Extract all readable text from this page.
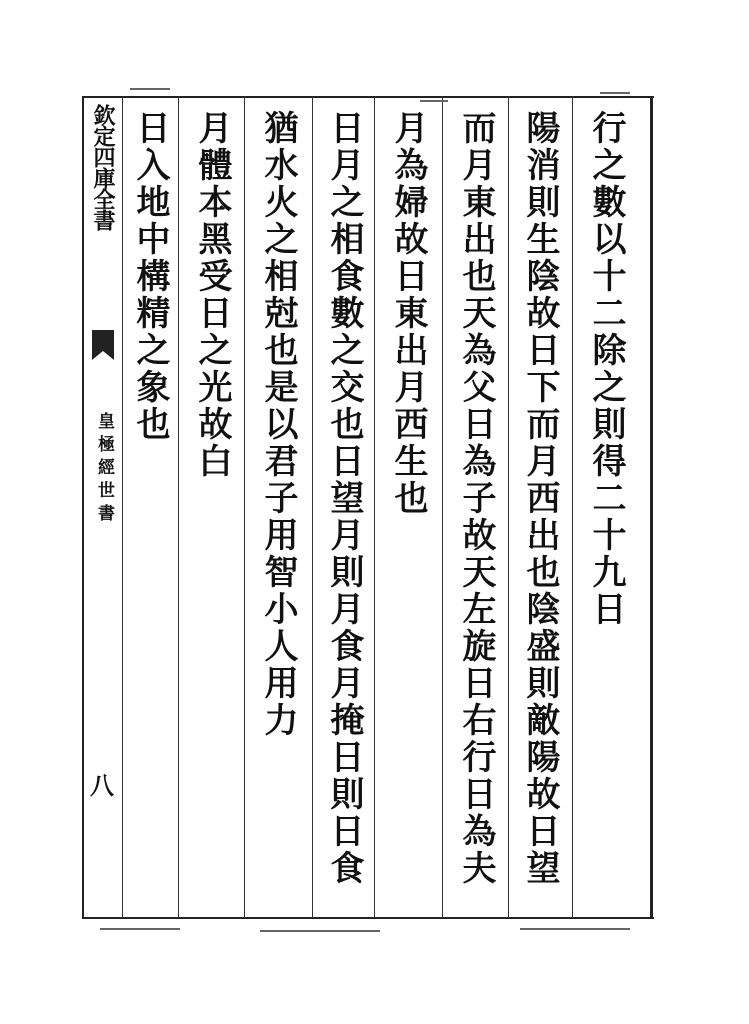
欽定四庫全書
皇極經世書
八
行之數以十二除之則得二十九日
陽消則生陰故日下而月西出也陰盛則敵陽故日望
而月東出也天為父日為子故天左旋日右行日為夫
月為婦故日東出月西生也
日月之相食數之交也日望月則月食月掩日則日食
猶水火之相尅也是以君子用智小人用力
月體本黑受日之光故白
日入地中構精之象也
